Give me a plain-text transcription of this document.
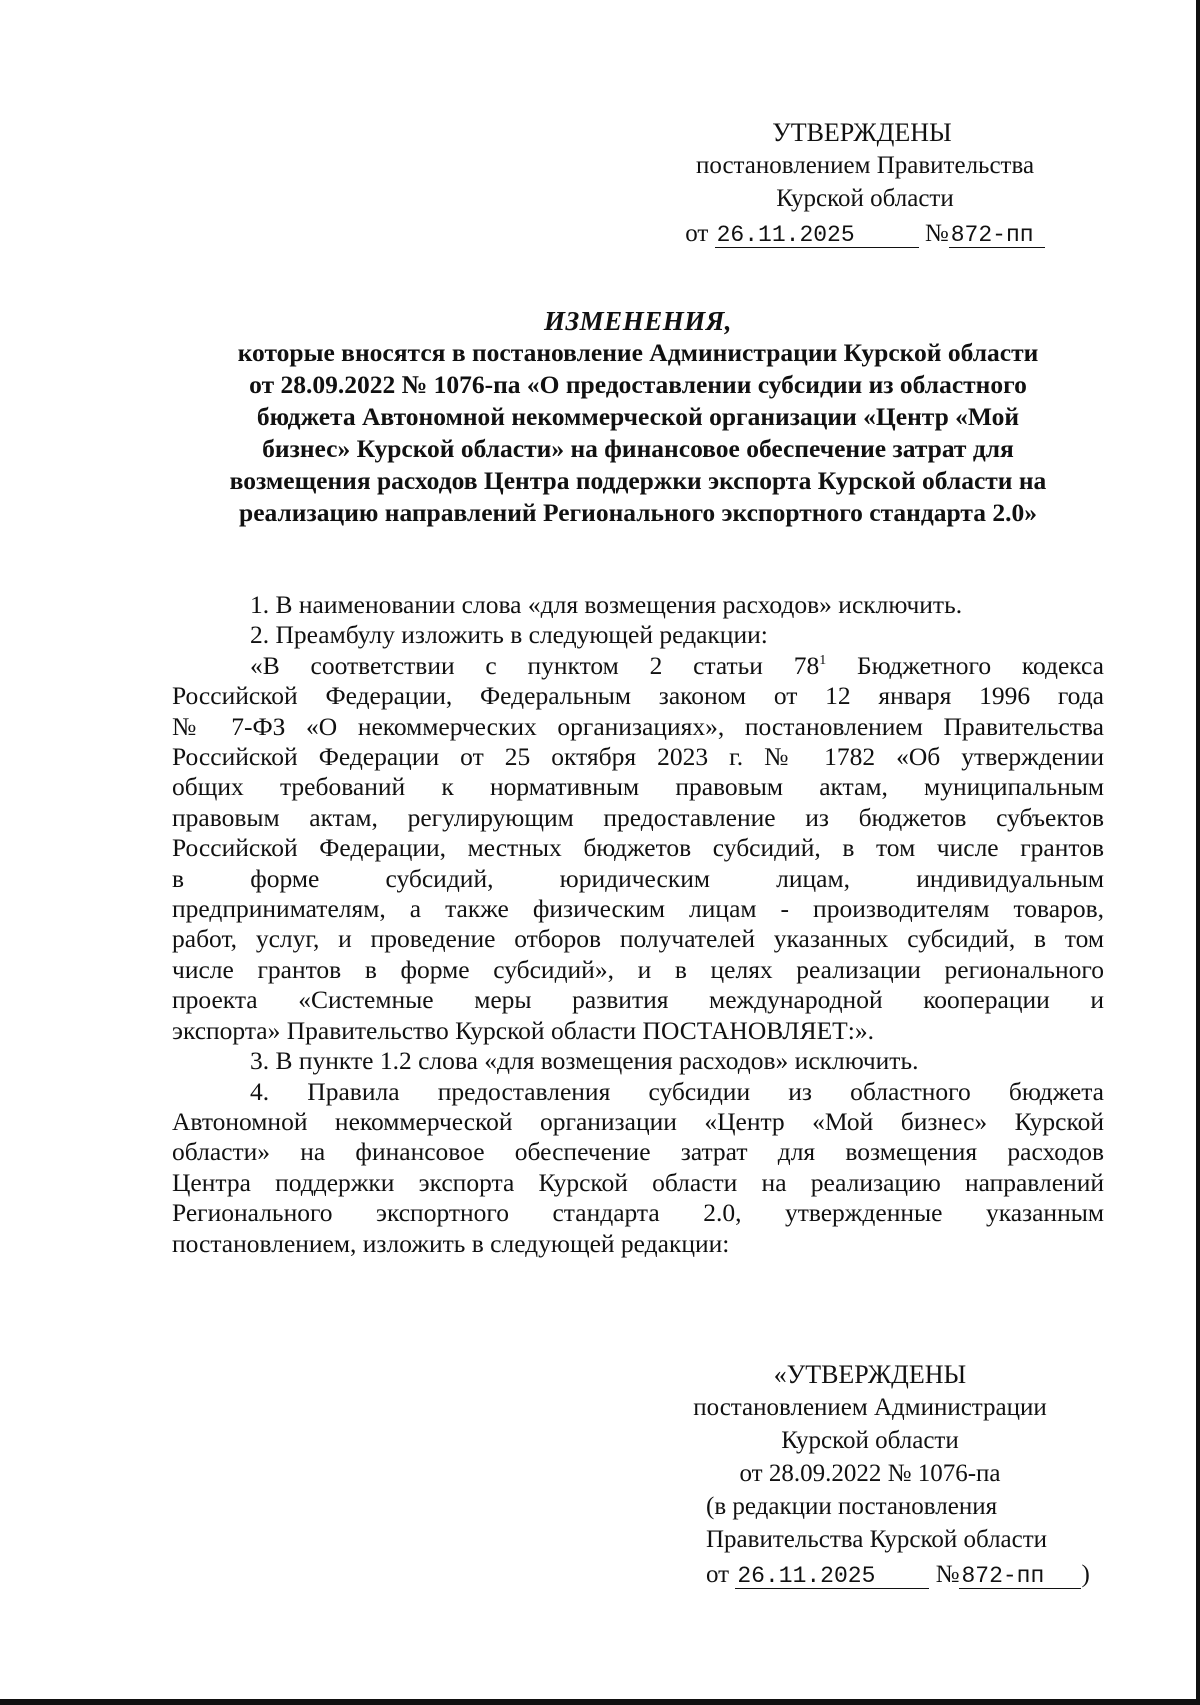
УТВЕРЖДЕНЫ
постановлением Правительства
Курской области
от 26.11.2025	№872-пп
ИЗМЕНЕНИЯ,
которые вносятся в постановление Администрации Курской области
от 28.09.2022 № 1076-па «О предоставлении субсидии из областного
бюджета Автономной некоммерческой организации «Центр «Мой
бизнес» Курской области» на финансовое обеспечение затрат для
возмещения расходов Центра поддержки экспорта Курской области на
реализацию направлений Регионального экспортного стандарта 2.0»
1. В наименовании слова «для возмещения расходов» исключить.
2. Преамбулу изложить в следующей редакции:
«В соответствии с пунктом 2 статьи $78^1$ Бюджетного кодекса
Российской Федерации, Федеральным законом от 12 января 1996 года
№ 7-ФЗ «О некоммерческих организациях», постановлением Правительства
Российской Федерации от 25 октября 2023 г. № 1782 «Об утверждении
общих требований к нормативным правовым актам, муниципальным
правовым актам, регулирующим предоставление из бюджетов субъектов
Российской Федерации, местных бюджетов субсидий, в том числе грантов
в форме субсидий, юридическим лицам, индивидуальным
предпринимателям, а также физическим лицам - производителям товаров,
работ, услуг, и проведение отборов получателей указанных субсидий, в том
числе грантов в форме субсидий», и в целях реализации регионального
проекта «Системные меры развития международной кооперации и
экспорта» Правительство Курской области ПОСТАНОВЛЯЕТ:».
3. В пункте 1.2 слова «для возмещения расходов» исключить.
4. Правила предоставления субсидии из областного бюджета
Автономной некоммерческой организации «Центр «Мой бизнес» Курской
области» на финансовое обеспечение затрат для возмещения расходов
Центра поддержки экспорта Курской области на реализацию направлений
Регионального экспортного стандарта 2.0, утвержденные указанным
постановлением, изложить в следующей редакции:
«УТВЕРЖДЕНЫ
постановлением Администрации
Курской области
от 28.09.2022 № 1076-па
(в редакции постановления
Правительства Курской области
от 26.11.2025 №872-пп )
